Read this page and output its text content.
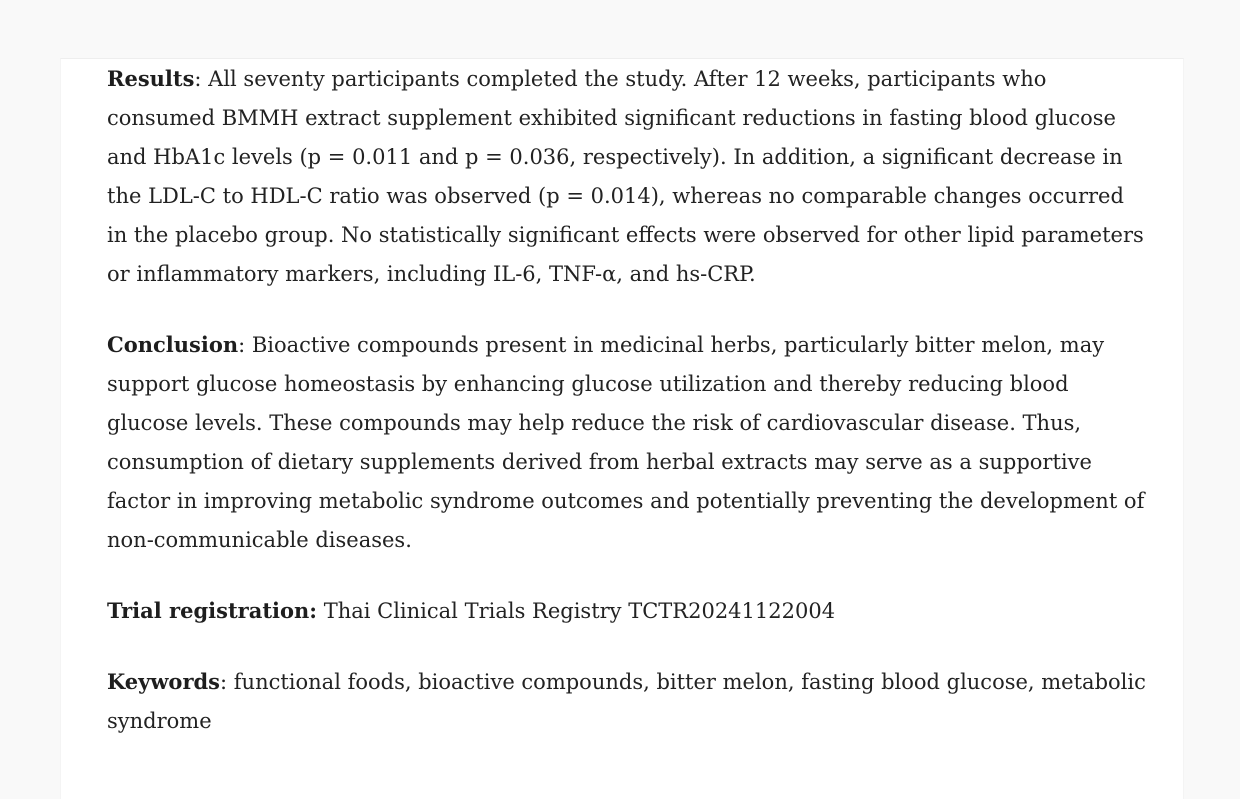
Results: All seventy participants completed the study. After 12 weeks, participants who consumed BMMH extract supplement exhibited significant reductions in fasting blood glucose and HbA1c levels (p = 0.011 and p = 0.036, respectively). In addition, a significant decrease in the LDL-C to HDL-C ratio was observed (p = 0.014), whereas no comparable changes occurred in the placebo group. No statistically significant effects were observed for other lipid parameters or inflammatory markers, including IL-6, TNF-α, and hs-CRP.

Conclusion: Bioactive compounds present in medicinal herbs, particularly bitter melon, may support glucose homeostasis by enhancing glucose utilization and thereby reducing blood glucose levels. These compounds may help reduce the risk of cardiovascular disease. Thus, consumption of dietary supplements derived from herbal extracts may serve as a supportive factor in improving metabolic syndrome outcomes and potentially preventing the development of non-communicable diseases.

Trial registration: Thai Clinical Trials Registry TCTR20241122004

Keywords: functional foods, bioactive compounds, bitter melon, fasting blood glucose, metabolic syndrome
